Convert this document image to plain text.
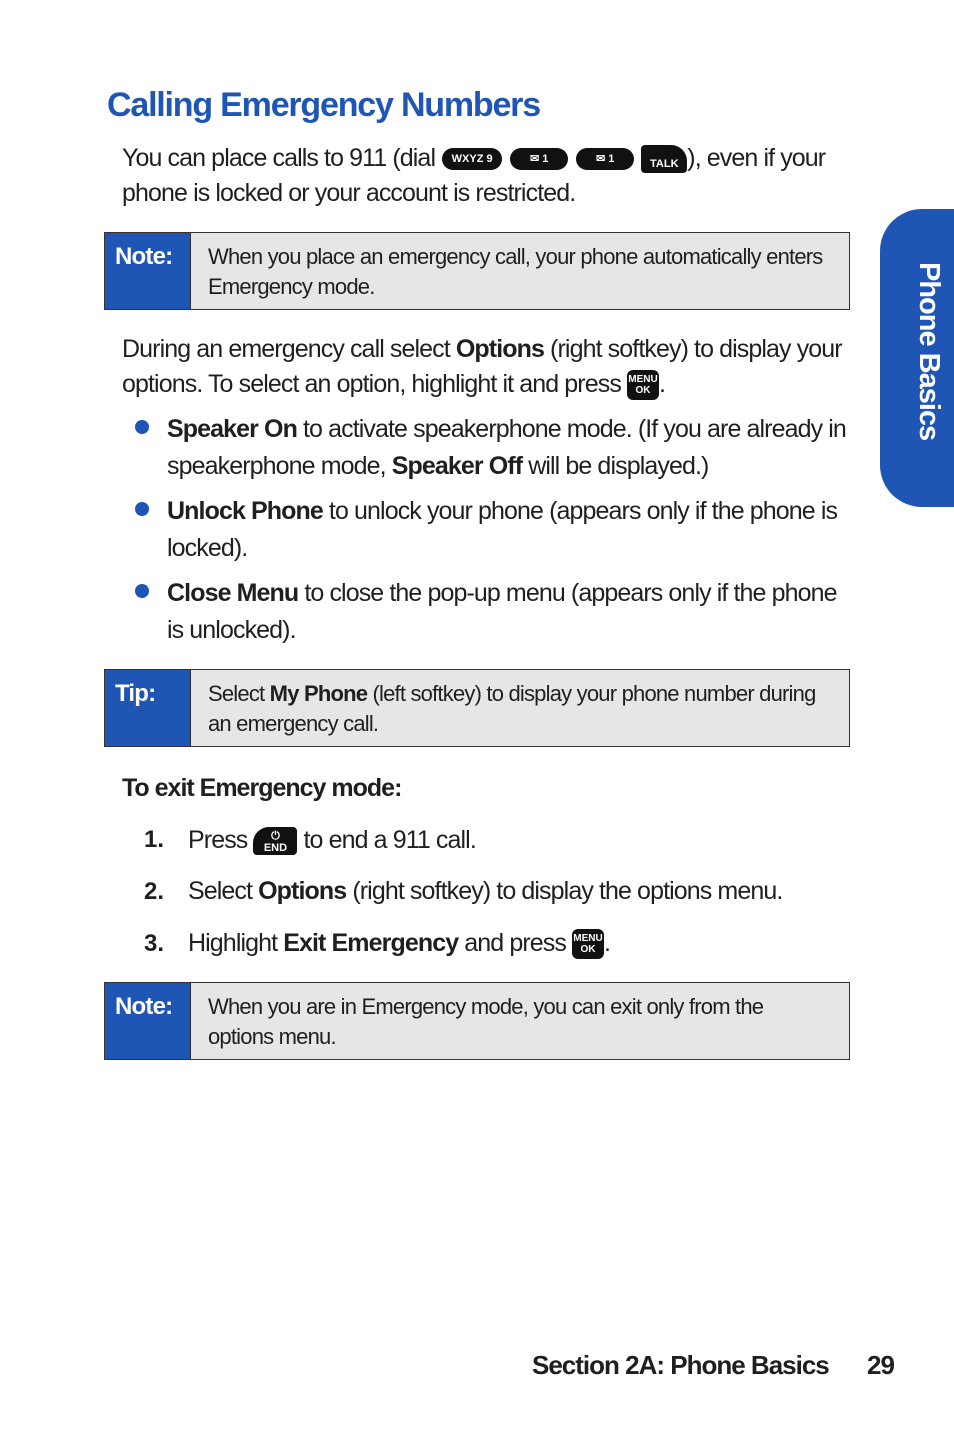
Calling Emergency Numbers
You can place calls to 911 (dial WXYZ 9	✉ 1	✉ 1	TALK ), even if your phone is locked or your account is restricted.
Note:	When you place an emergency call, your phone automatically enters Emergency mode.
During an emergency call select Options (right softkey) to display your options. To select an option, highlight it and press MENU
OK .
Speaker On to activate speakerphone mode. (If you are already in speakerphone mode, Speaker Off will be displayed.)
Unlock Phone to unlock your phone (appears only if the phone is locked).
Close Menu to close the pop-up menu (appears only if the phone is unlocked).
Tip:	Select My Phone (left softkey) to display your phone number during an emergency call.
To exit Emergency mode:
1. Press ⏻
END to end a 911 call.
2. Select Options (right softkey) to display the options menu.
3. Highlight Exit Emergency and press MENU
OK .
Note:	When you are in Emergency mode, you can exit only from the options menu.
Phone Basics
Section 2A: Phone Basics 29
